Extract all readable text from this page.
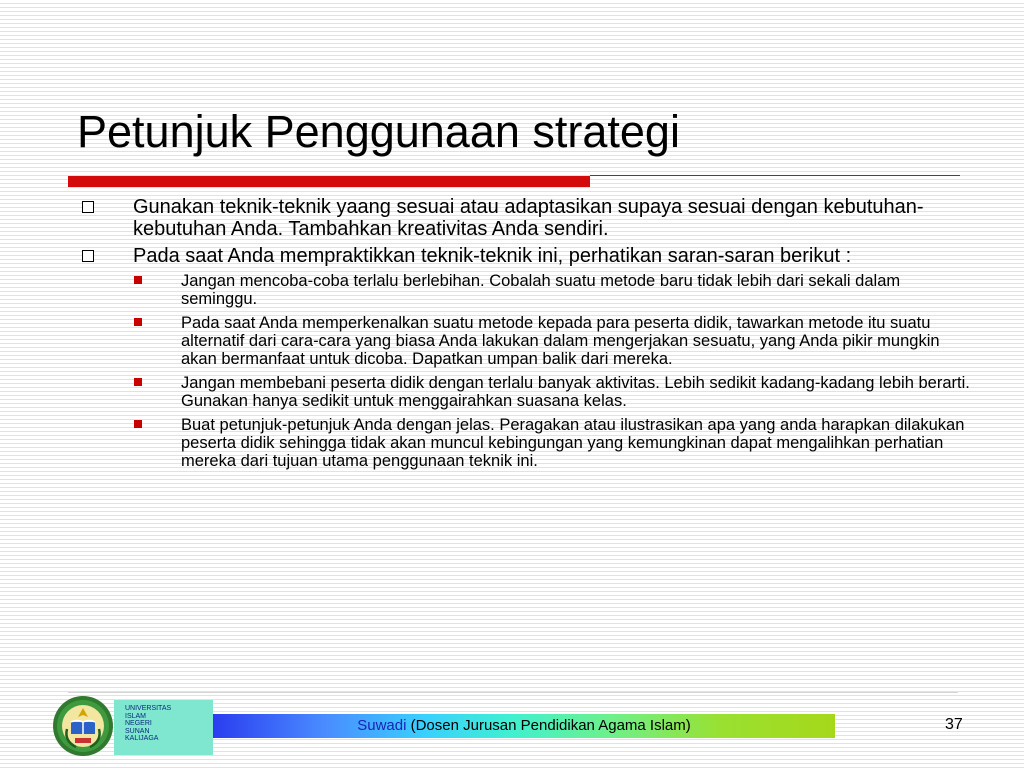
Petunjuk Penggunaan strategi
Gunakan teknik-teknik yaang sesuai atau adaptasikan supaya sesuai dengan kebutuhan-kebutuhan Anda. Tambahkan kreativitas Anda sendiri.
Pada saat Anda mempraktikkan teknik-teknik ini, perhatikan saran-saran berikut :
Jangan mencoba-coba terlalu berlebihan. Cobalah suatu metode baru tidak lebih dari sekali dalam seminggu.
Pada saat Anda memperkenalkan suatu metode kepada para peserta didik, tawarkan metode itu suatu alternatif dari cara-cara yang biasa Anda lakukan dalam mengerjakan sesuatu, yang Anda pikir mungkin akan bermanfaat untuk dicoba. Dapatkan umpan balik dari mereka.
Jangan membebani peserta didik dengan terlalu banyak aktivitas. Lebih sedikit kadang-kadang lebih berarti. Gunakan hanya sedikit untuk menggairahkan suasana kelas.
Buat petunjuk-petunjuk Anda dengan jelas. Peragakan atau ilustrasikan apa yang anda harapkan dilakukan peserta didik sehingga tidak akan muncul kebingungan yang kemungkinan dapat mengalihkan perhatian mereka dari tujuan utama penggunaan teknik ini.
UNIVERSITAS
ISLAM
NEGERI
SUNAN
KALIJAGA
Suwadi (Dosen Jurusan Pendidikan Agama Islam)	37
